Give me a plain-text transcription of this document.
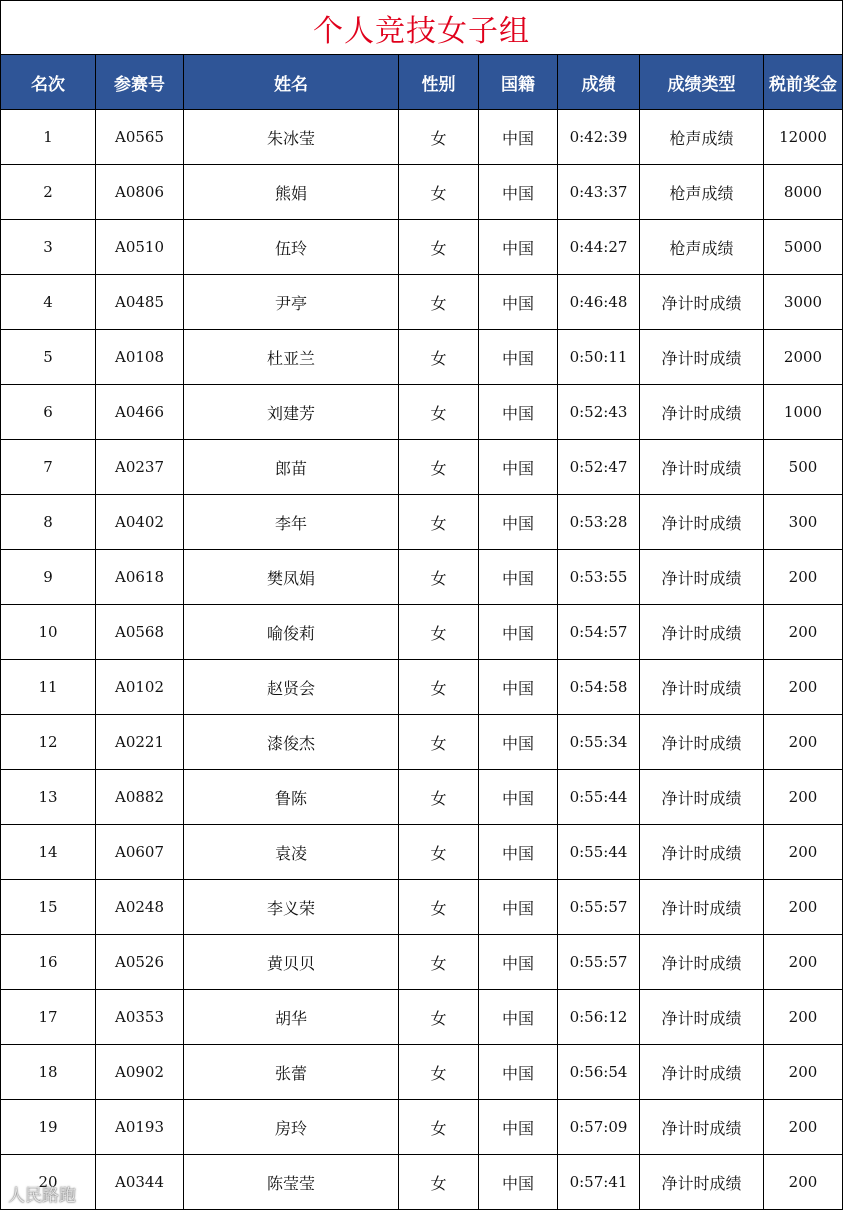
个人竞技女子组							
名次	参赛号	姓名	性别	国籍	成绩	成绩类型	税前奖金
1	A0565	朱冰莹	女	中国	0:42:39	枪声成绩	12000
2	A0806	熊娟	女	中国	0:43:37	枪声成绩	8000
3	A0510	伍玲	女	中国	0:44:27	枪声成绩	5000
4	A0485	尹亭	女	中国	0:46:48	净计时成绩	3000
5	A0108	杜亚兰	女	中国	0:50:11	净计时成绩	2000
6	A0466	刘建芳	女	中国	0:52:43	净计时成绩	1000
7	A0237	郎苗	女	中国	0:52:47	净计时成绩	500
8	A0402	李年	女	中国	0:53:28	净计时成绩	300
9	A0618	樊凤娟	女	中国	0:53:55	净计时成绩	200
10	A0568	喻俊莉	女	中国	0:54:57	净计时成绩	200
11	A0102	赵贤会	女	中国	0:54:58	净计时成绩	200
12	A0221	漆俊杰	女	中国	0:55:34	净计时成绩	200
13	A0882	鲁陈	女	中国	0:55:44	净计时成绩	200
14	A0607	袁凌	女	中国	0:55:44	净计时成绩	200
15	A0248	李义荣	女	中国	0:55:57	净计时成绩	200
16	A0526	黄贝贝	女	中国	0:55:57	净计时成绩	200
17	A0353	胡华	女	中国	0:56:12	净计时成绩	200
18	A0902	张蕾	女	中国	0:56:54	净计时成绩	200
19	A0193	房玲	女	中国	0:57:09	净计时成绩	200
20	A0344	陈莹莹	女	中国	0:57:41	净计时成绩	200
人民路跑
